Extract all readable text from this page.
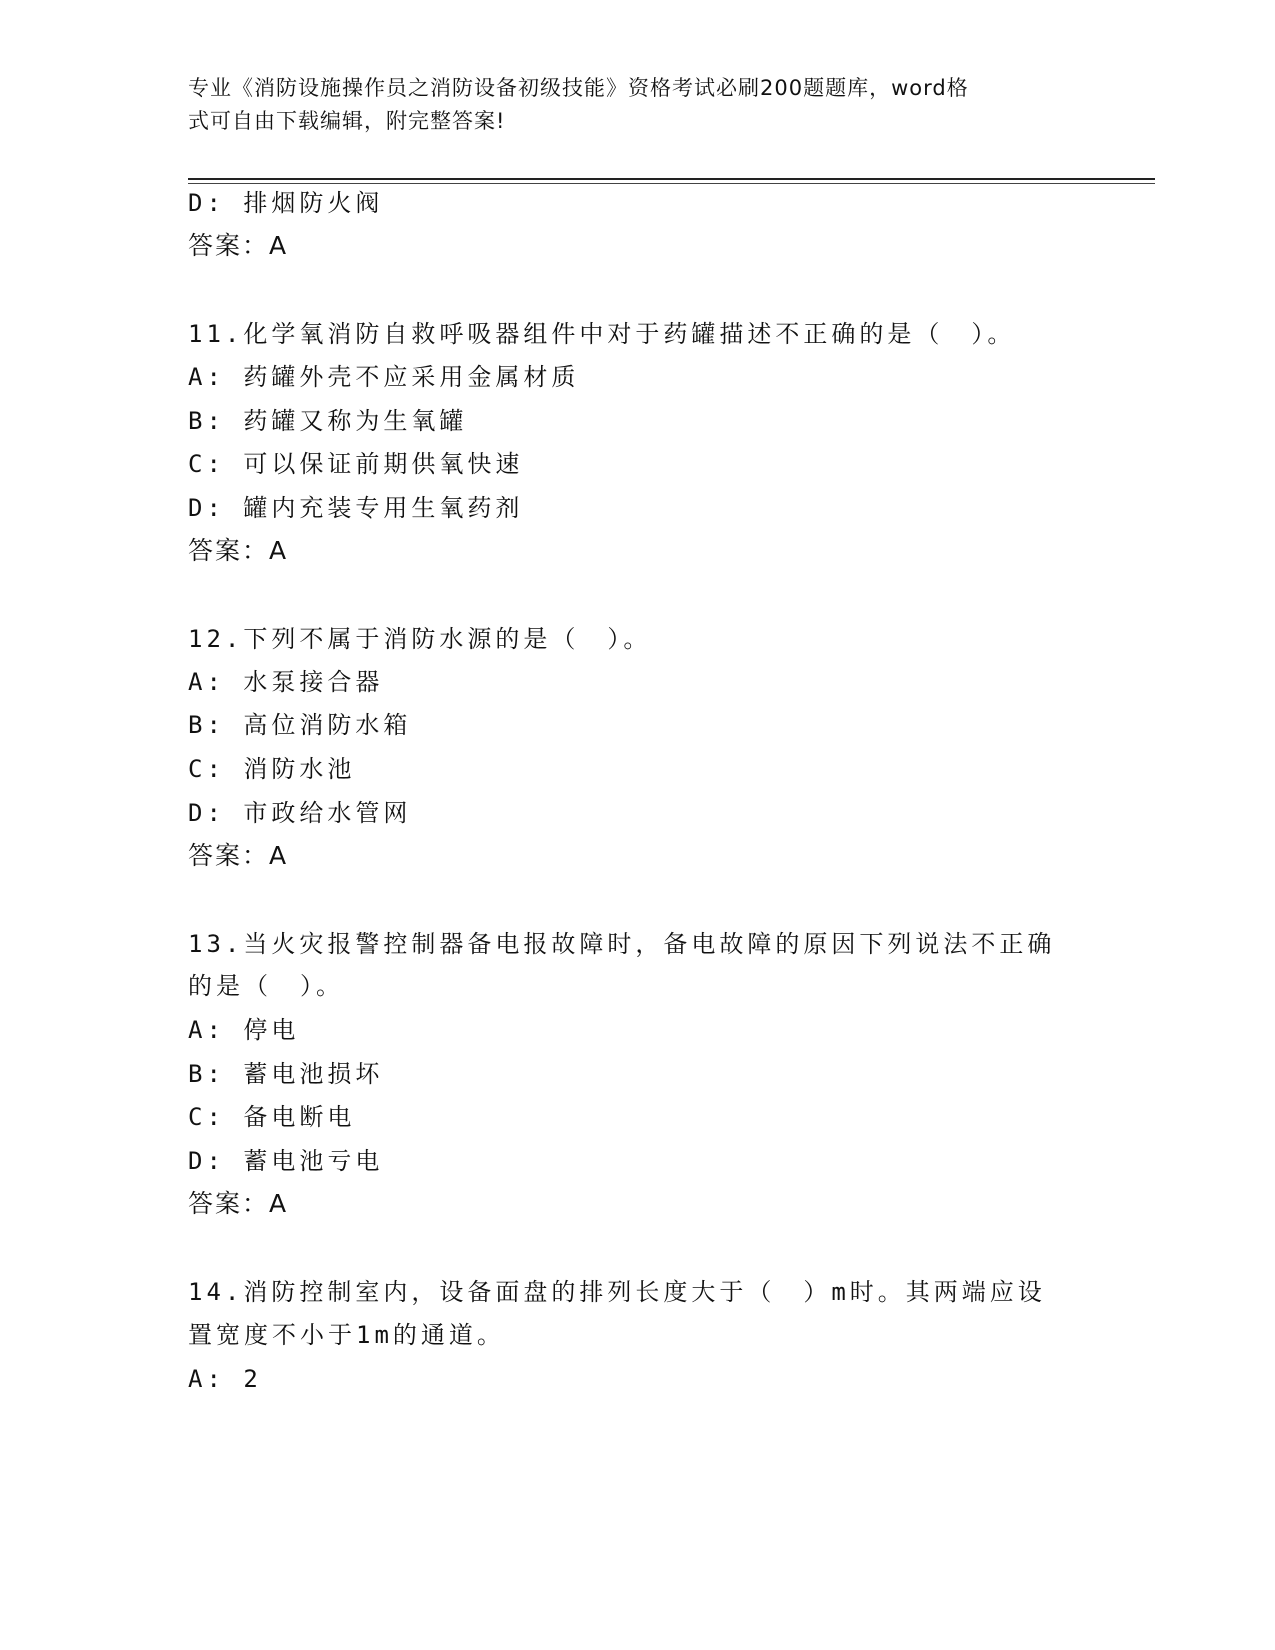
专业《消防设施操作员之消防设备初级技能》资格考试必刷200题题库，word格
式可自由下载编辑，附完整答案!
D: 排烟防火阀
答案：A
11.化学氧消防自救呼吸器组件中对于药罐描述不正确的是（　）。
A: 药罐外壳不应采用金属材质
B: 药罐又称为生氧罐
C: 可以保证前期供氧快速
D: 罐内充装专用生氧药剂
答案：A
12.下列不属于消防水源的是（　）。
A: 水泵接合器
B: 高位消防水箱
C: 消防水池
D: 市政给水管网
答案：A
13.当火灾报警控制器备电报故障时，备电故障的原因下列说法不正确
的是（　）。
A: 停电
B: 蓄电池损坏
C: 备电断电
D: 蓄电池亏电
答案：A
14.消防控制室内，设备面盘的排列长度大于（　）m时。其两端应设
置宽度不小于1m的通道。
A: 2
